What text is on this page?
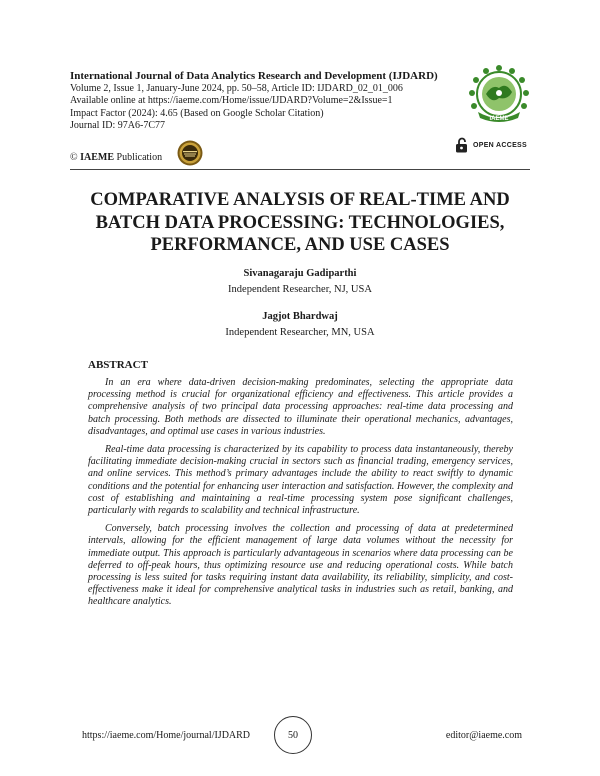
International Journal of Data Analytics Research and Development (IJDARD)
Volume 2, Issue 1, January-June 2024, pp. 50–58, Article ID: IJDARD_02_01_006
Available online at https://iaeme.com/Home/issue/IJDARD?Volume=2&Issue=1
Impact Factor (2024): 4.65 (Based on Google Scholar Citation)
Journal ID: 97A6-7C77
© IAEME Publication
IAEME
OPEN ACCESS
COMPARATIVE ANALYSIS OF REAL-TIME AND BATCH DATA PROCESSING: TECHNOLOGIES, PERFORMANCE, AND USE CASES
Sivanagaraju Gadiparthi
Independent Researcher, NJ, USA
Jagjot Bhardwaj
Independent Researcher, MN, USA
ABSTRACT

In an era where data-driven decision-making predominates, selecting the appropriate data processing method is crucial for organizational efficiency and effectiveness. This article provides a comprehensive analysis of two principal data processing approaches: real-time data processing and batch processing. Both methods are dissected to illuminate their operational mechanics, advantages, disadvantages, and optimal use cases in various industries.

Real-time data processing is characterized by its capability to process data instantaneously, thereby facilitating immediate decision-making crucial in sectors such as financial trading, emergency services, and online services. This method’s primary advantages include the ability to react swiftly to dynamic conditions and the potential for enhancing user interaction and satisfaction. However, the complexity and cost of establishing and maintaining a real-time processing system pose significant challenges, particularly with regards to scalability and technical infrastructure.

Conversely, batch processing involves the collection and processing of data at predetermined intervals, allowing for the efficient management of large data volumes without the necessity for immediate output. This approach is particularly advantageous in scenarios where data processing can be deferred to off-peak hours, thus optimizing resource use and reducing operational costs. While batch processing is less suited for tasks requiring instant data availability, its reliability, simplicity, and cost-effectiveness make it ideal for comprehensive analytical tasks in industries such as retail, banking, and healthcare analytics.

https://iaeme.com/Home/journal/IJDARD	50	editor@iaeme.com
